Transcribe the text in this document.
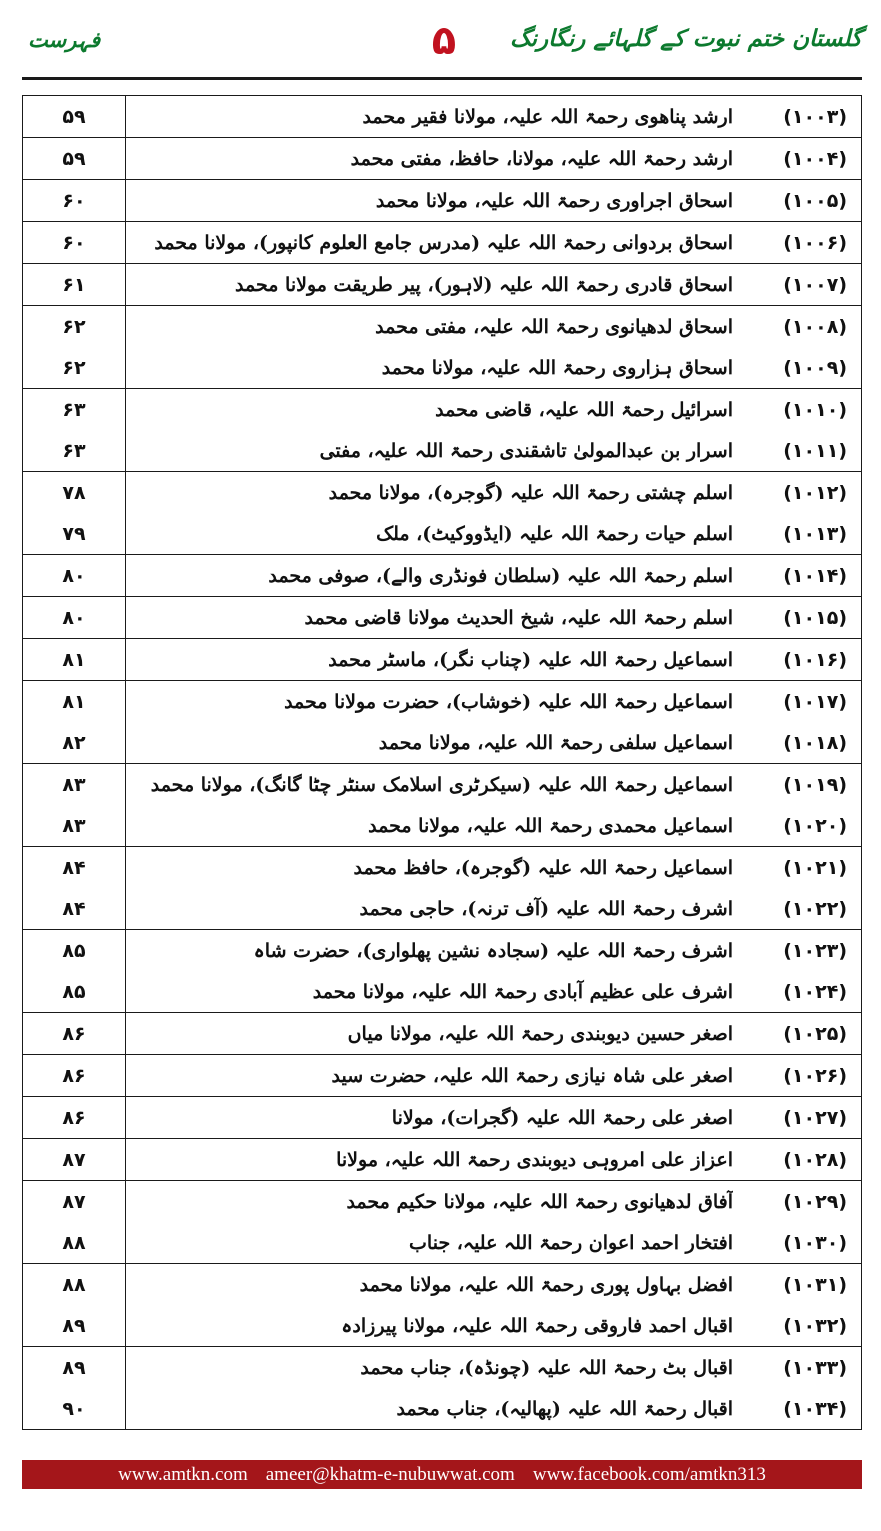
گلستان ختم نبوت کے گلہائے رنگارنگ
۵
فہرست
۵۹	ارشد پناھوی رحمۃ اللہ علیہ، مولانا فقیر محمد	(۱۰۰۳)
۵۹	ارشد رحمۃ اللہ علیہ، مولانا، حافظ، مفتی محمد	(۱۰۰۴)
۶۰	اسحاق اجراوری رحمۃ اللہ علیہ، مولانا محمد	(۱۰۰۵)
۶۰	اسحاق بردوانی رحمۃ اللہ علیہ (مدرس جامع العلوم کانپور)، مولانا محمد	(۱۰۰۶)
۶۱	اسحاق قادری رحمۃ اللہ علیہ (لاہور)، پیر طریقت مولانا محمد	(۱۰۰۷)
۶۲	اسحاق لدھیانوی رحمۃ اللہ علیہ، مفتی محمد	(۱۰۰۸)
۶۲	اسحاق ہزاروی رحمۃ اللہ علیہ، مولانا محمد	(۱۰۰۹)
۶۳	اسرائیل رحمۃ اللہ علیہ، قاضی محمد	(۱۰۱۰)
۶۳	اسرار بن عبدالمولیٰ تاشقندی رحمۃ اللہ علیہ، مفتی	(۱۰۱۱)
۷۸	اسلم چشتی رحمۃ اللہ علیہ (گوجرہ)، مولانا محمد	(۱۰۱۲)
۷۹	اسلم حیات رحمۃ اللہ علیہ (ایڈووکیٹ)، ملک	(۱۰۱۳)
۸۰	اسلم رحمۃ اللہ علیہ (سلطان فونڈری والے)، صوفی محمد	(۱۰۱۴)
۸۰	اسلم رحمۃ اللہ علیہ، شیخ الحدیث مولانا قاضی محمد	(۱۰۱۵)
۸۱	اسماعیل رحمۃ اللہ علیہ (چناب نگر)، ماسٹر محمد	(۱۰۱۶)
۸۱	اسماعیل رحمۃ اللہ علیہ (خوشاب)، حضرت مولانا محمد	(۱۰۱۷)
۸۲	اسماعیل سلفی رحمۃ اللہ علیہ، مولانا محمد	(۱۰۱۸)
۸۳	اسماعیل رحمۃ اللہ علیہ (سیکرٹری اسلامک سنٹر چٹا گانگ)، مولانا محمد	(۱۰۱۹)
۸۳	اسماعیل محمدی رحمۃ اللہ علیہ، مولانا محمد	(۱۰۲۰)
۸۴	اسماعیل رحمۃ اللہ علیہ (گوجرہ)، حافظ محمد	(۱۰۲۱)
۸۴	اشرف رحمۃ اللہ علیہ (آف ترنہ)، حاجی محمد	(۱۰۲۲)
۸۵	اشرف رحمۃ اللہ علیہ (سجادہ نشین پھلواری)، حضرت شاہ	(۱۰۲۳)
۸۵	اشرف علی عظیم آبادی رحمۃ اللہ علیہ، مولانا محمد	(۱۰۲۴)
۸۶	اصغر حسین دیوبندی رحمۃ اللہ علیہ، مولانا میاں	(۱۰۲۵)
۸۶	اصغر علی شاہ نیازی رحمۃ اللہ علیہ، حضرت سید	(۱۰۲۶)
۸۶	اصغر علی رحمۃ اللہ علیہ (گجرات)، مولانا	(۱۰۲۷)
۸۷	اعزاز علی امروہی دیوبندی رحمۃ اللہ علیہ، مولانا	(۱۰۲۸)
۸۷	آفاق لدھیانوی رحمۃ اللہ علیہ، مولانا حکیم محمد	(۱۰۲۹)
۸۸	افتخار احمد اعوان رحمۃ اللہ علیہ، جناب	(۱۰۳۰)
۸۸	افضل بہاول پوری رحمۃ اللہ علیہ، مولانا محمد	(۱۰۳۱)
۸۹	اقبال احمد فاروقی رحمۃ اللہ علیہ، مولانا پیرزادہ	(۱۰۳۲)
۸۹	اقبال بٹ رحمۃ اللہ علیہ (چونڈہ)، جناب محمد	(۱۰۳۳)
۹۰	اقبال رحمۃ اللہ علیہ (پھالیہ)، جناب محمد	(۱۰۳۴)
www.amtkn.com ameer@khatm-e-nubuwwat.com www.facebook.com/amtkn313
